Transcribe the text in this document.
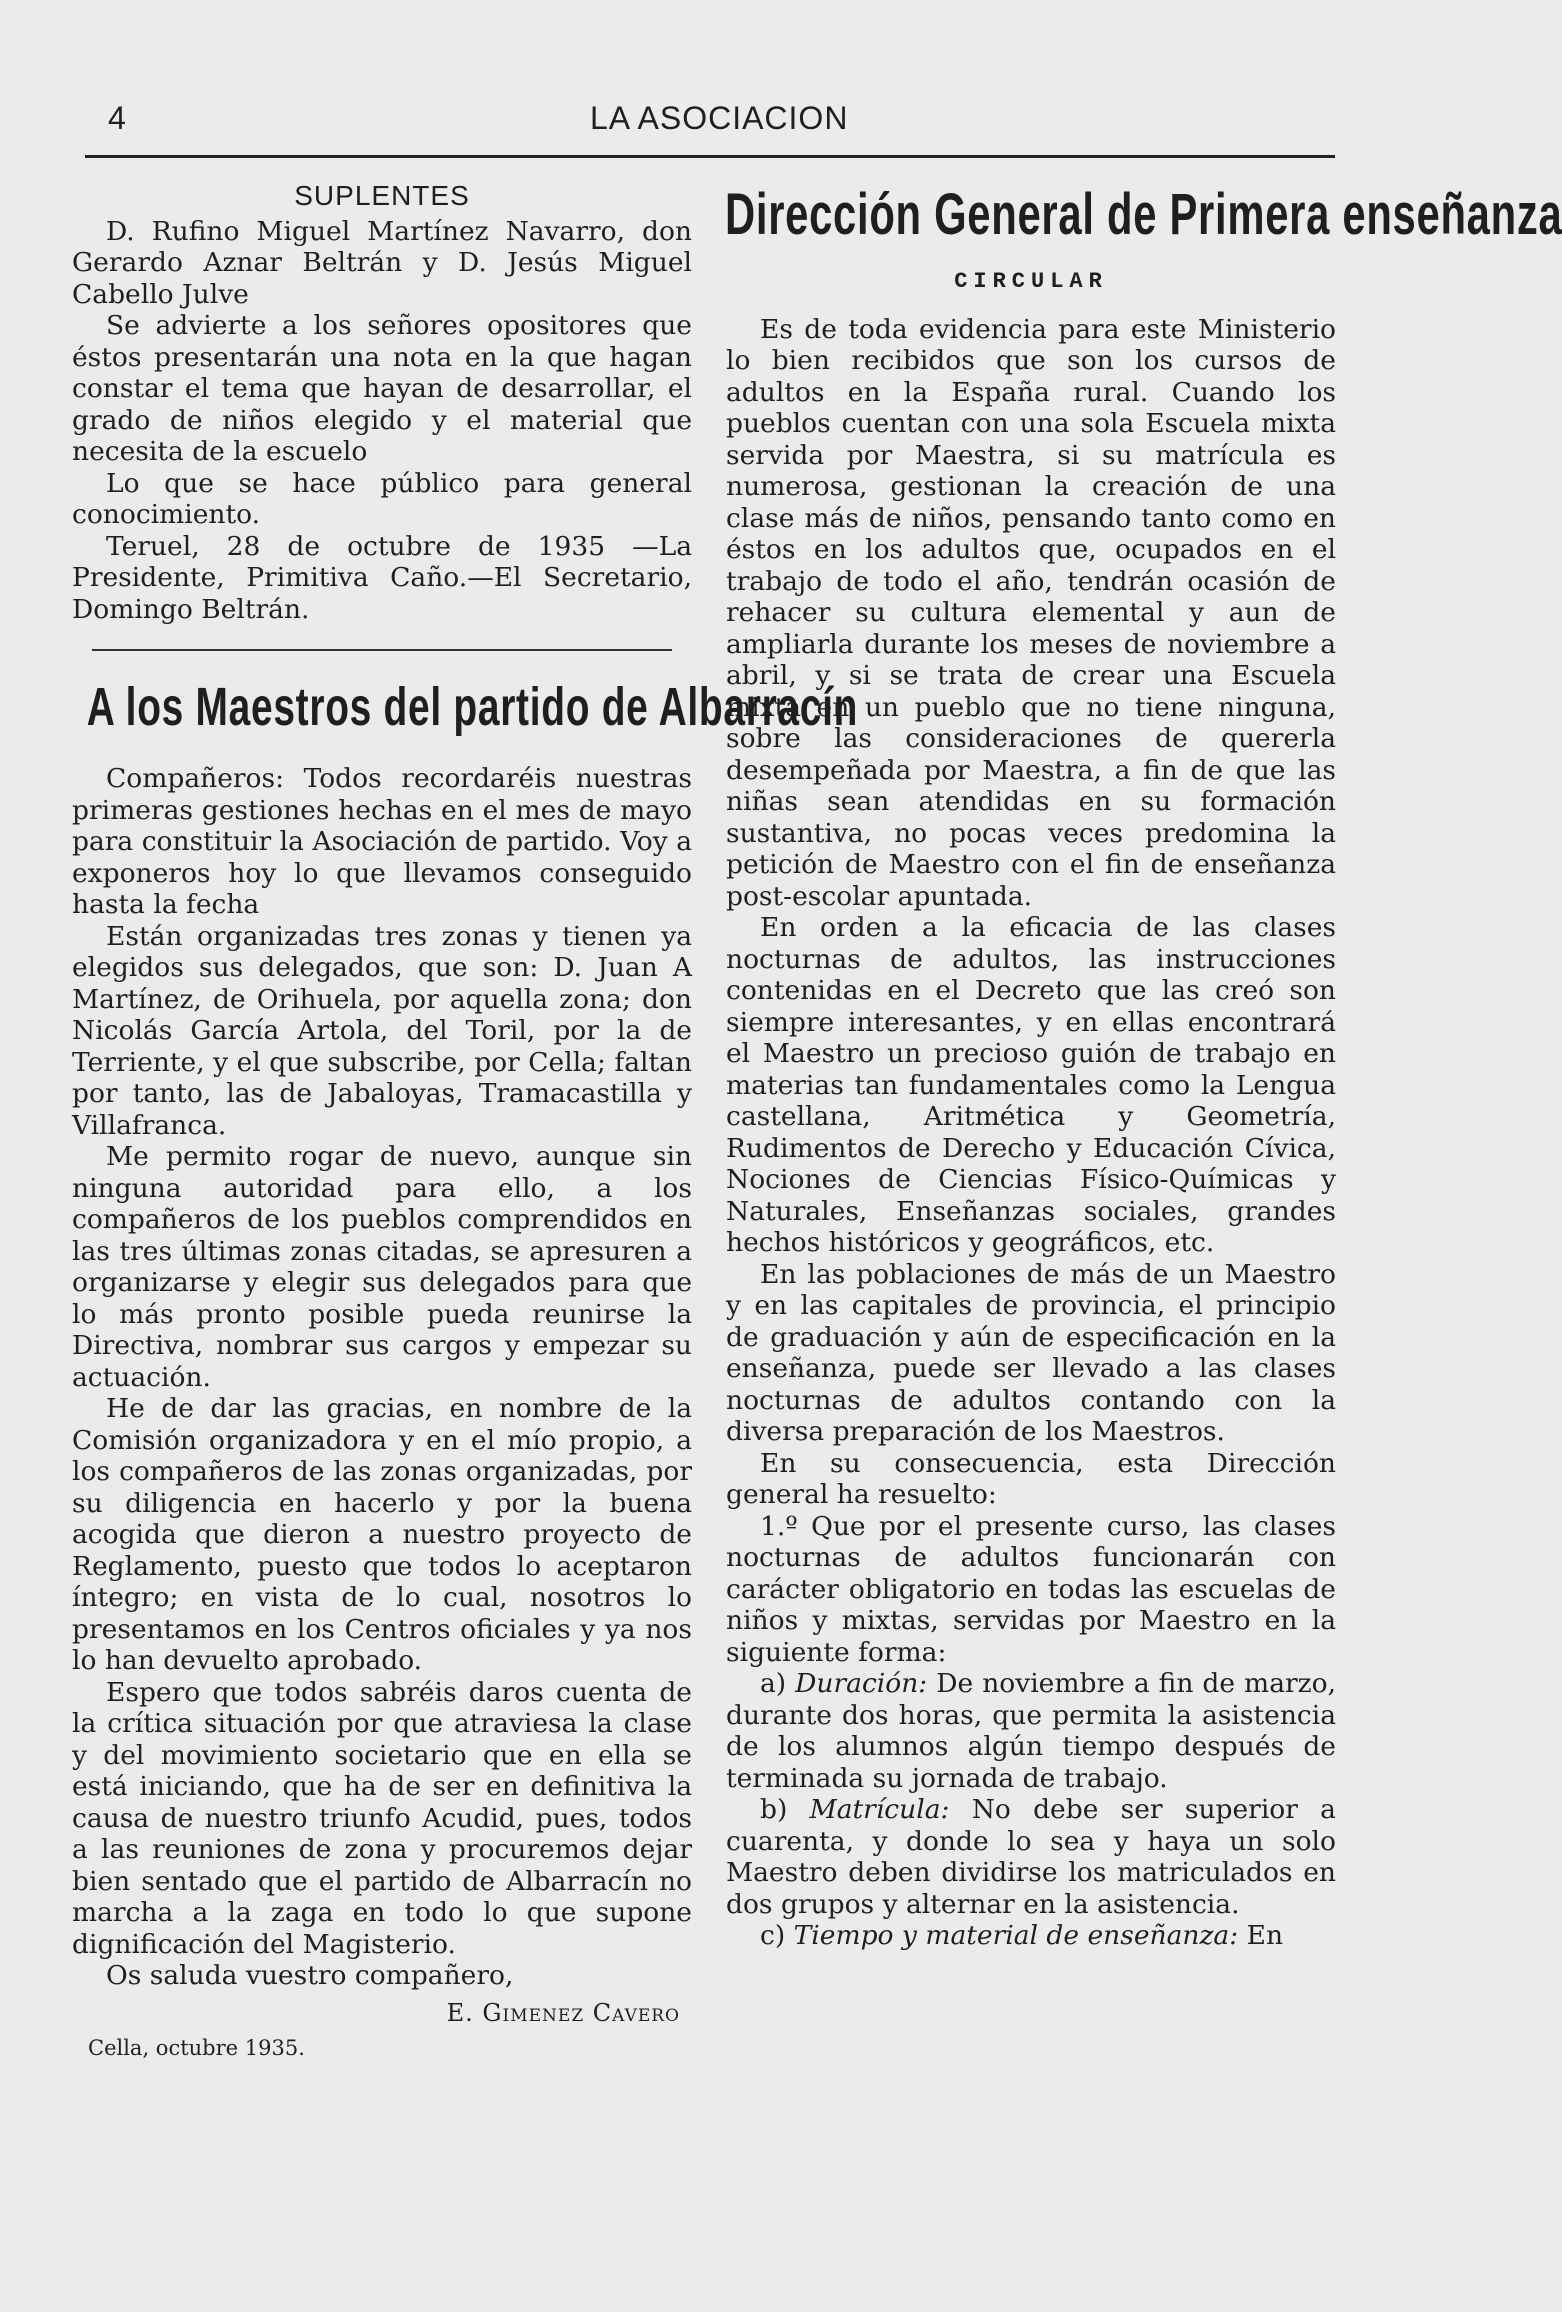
4	LA ASOCIACION
SUPLENTES

D. Rufino Miguel Martínez Navarro, don Gerardo Aznar Beltrán y D. Jesús Miguel Cabello Julve

Se advierte a los señores opositores que éstos presentarán una nota en la que hagan constar el tema que hayan de desarrollar, el grado de niños elegido y el material que necesita de la escuelo

Lo que se hace público para general conocimiento.

Teruel, 28 de octubre de 1935 —La Presidente, Primitiva Caño.—El Secretario, Domingo Beltrán.

A los Maestros del partido de Albarracín

Compañeros: Todos recordaréis nuestras primeras gestiones hechas en el mes de mayo para constituir la Asociación de partido. Voy a exponeros hoy lo que llevamos conseguido hasta la fecha

Están organizadas tres zonas y tienen ya elegidos sus delegados, que son: D. Juan A Martínez, de Orihuela, por aquella zona; don Nicolás García Artola, del Toril, por la de Terriente, y el que subscribe, por Cella; faltan por tanto, las de Jabaloyas, Tramacastilla y Villafranca.

Me permito rogar de nuevo, aunque sin ninguna autoridad para ello, a los compañeros de los pueblos comprendidos en las tres últimas zonas citadas, se apresuren a organizarse y elegir sus delegados para que lo más pronto posible pueda reunirse la Directiva, nombrar sus cargos y empezar su actuación.

He de dar las gracias, en nombre de la Comisión organizadora y en el mío propio, a los compañeros de las zonas organizadas, por su diligencia en hacerlo y por la buena acogida que dieron a nuestro proyecto de Reglamento, puesto que todos lo aceptaron íntegro; en vista de lo cual, nosotros lo presentamos en los Centros oficiales y ya nos lo han devuelto aprobado.

Espero que todos sabréis daros cuenta de la crítica situación por que atraviesa la clase y del movimiento societario que en ella se está iniciando, que ha de ser en definitiva la causa de nuestro triunfo Acudid, pues, todos a las reuniones de zona y procuremos dejar bien sentado que el partido de Albarracín no marcha a la zaga en todo lo que supone dignificación del Magisterio.

Os saluda vuestro compañero,

E. Gimenez Cavero
Cella, octubre 1935.
Dirección General de Primera enseñanza
CIRCULAR

Es de toda evidencia para este Ministerio lo bien recibidos que son los cursos de adultos en la España rural. Cuando los pueblos cuentan con una sola Escuela mixta servida por Maestra, si su matrícula es numerosa, gestionan la creación de una clase más de niños, pensando tanto como en éstos en los adultos que, ocupados en el trabajo de todo el año, tendrán ocasión de rehacer su cultura elemental y aun de ampliarla durante los meses de noviembre a abril, y si se trata de crear una Escuela mixta en un pueblo que no tiene ninguna, sobre las consideraciones de quererla desempeñada por Maestra, a fin de que las niñas sean atendidas en su formación sustantiva, no pocas veces predomina la petición de Maestro con el fin de enseñanza post-escolar apuntada.

En orden a la eficacia de las clases nocturnas de adultos, las instrucciones contenidas en el Decreto que las creó son siempre interesantes, y en ellas encontrará el Maestro un precioso guión de trabajo en materias tan fundamentales como la Lengua castellana, Aritmética y Geometría, Rudimentos de Derecho y Educación Cívica, Nociones de Ciencias Físico-Químicas y Naturales, Enseñanzas sociales, grandes hechos históricos y geográficos, etc.

En las poblaciones de más de un Maestro y en las capitales de provincia, el principio de graduación y aún de especificación en la enseñanza, puede ser llevado a las clases nocturnas de adultos contando con la diversa preparación de los Maestros.

En su consecuencia, esta Dirección general ha resuelto:

1.º Que por el presente curso, las clases nocturnas de adultos funcionarán con carácter obligatorio en todas las escuelas de niños y mixtas, servidas por Maestro en la siguiente forma:

a) Duración: De noviembre a fin de marzo, durante dos horas, que permita la asistencia de los alumnos algún tiempo después de terminada su jornada de trabajo.

b) Matrícula: No debe ser superior a cuarenta, y donde lo sea y haya un solo Maestro deben dividirse los matriculados en dos grupos y alternar en la asistencia.

c) Tiempo y material de enseñanza: En
